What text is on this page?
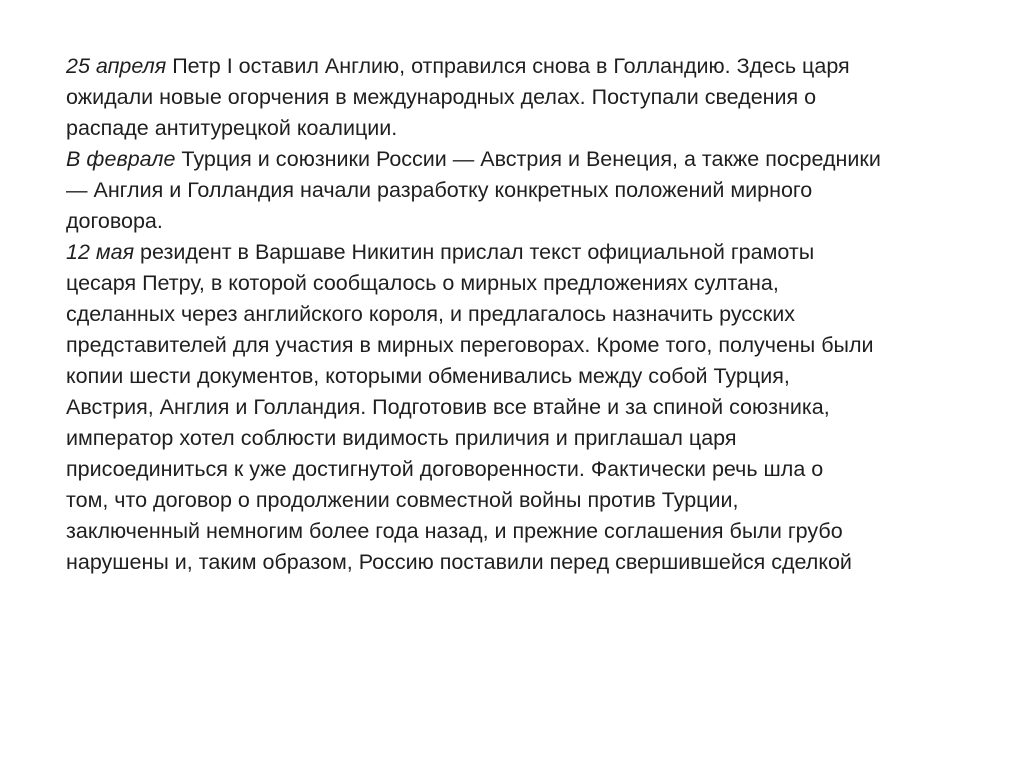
25 апреля Петр I оставил Англию, отправился снова в Голландию. Здесь царя
ожидали новые огорчения в международных делах. Поступали сведения о
распаде антитурецкой коалиции.

В феврале Турция и союзники России — Австрия и Венеция, а также посредники
— Англия и Голландия начали разработку конкретных положений мирного
договора.

12 мая резидент в Варшаве Никитин прислал текст официальной грамоты
цесаря Петру, в которой сообщалось о мирных предложениях султана,
сделанных через английского короля, и предлагалось назначить русских
представителей для участия в мирных переговорах. Кроме того, получены были
копии шести документов, которыми обменивались между собой Турция,
Австрия, Англия и Голландия. Подготовив все втайне и за спиной союзника,
император хотел соблюсти видимость приличия и приглашал царя
присоединиться к уже достигнутой договоренности. Фактически речь шла о
том, что договор о продолжении совместной войны против Турции,
заключенный немногим более года назад, и прежние соглашения были грубо
нарушены и, таким образом, Россию поставили перед свершившейся сделкой
